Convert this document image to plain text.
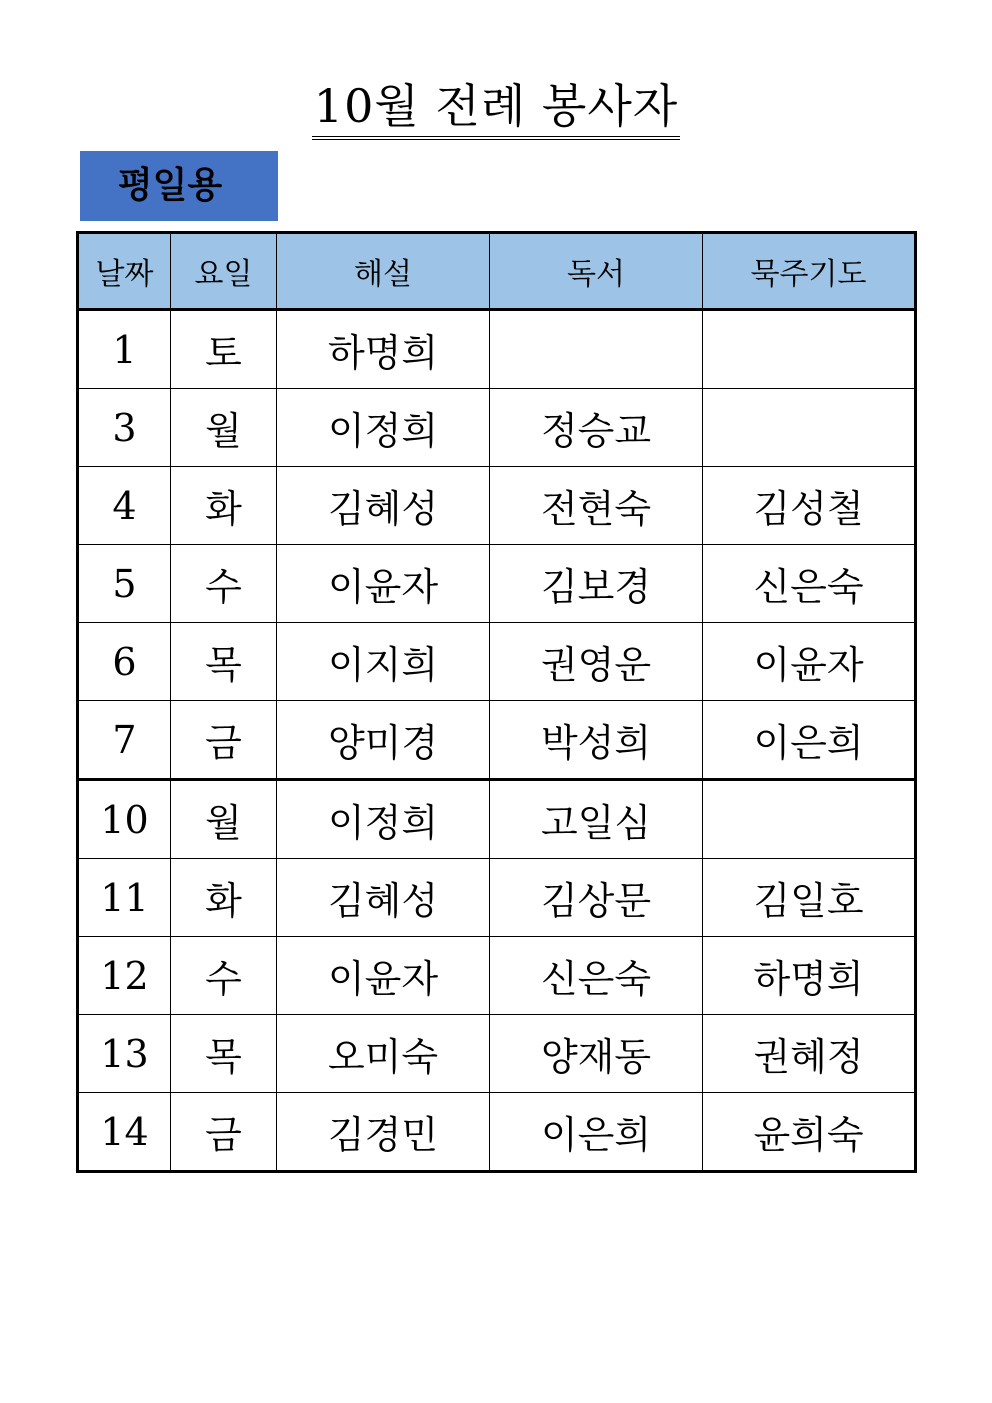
10월 전례 봉사자
평일용
날짜	요일	해설	독서	묵주기도
1	토	하명희		
3	월	이정희	정승교	
4	화	김혜성	전현숙	김성철
5	수	이윤자	김보경	신은숙
6	목	이지희	권영운	이윤자
7	금	양미경	박성희	이은희
10	월	이정희	고일심	
11	화	김혜성	김상문	김일호
12	수	이윤자	신은숙	하명희
13	목	오미숙	양재동	권혜정
14	금	김경민	이은희	윤희숙
